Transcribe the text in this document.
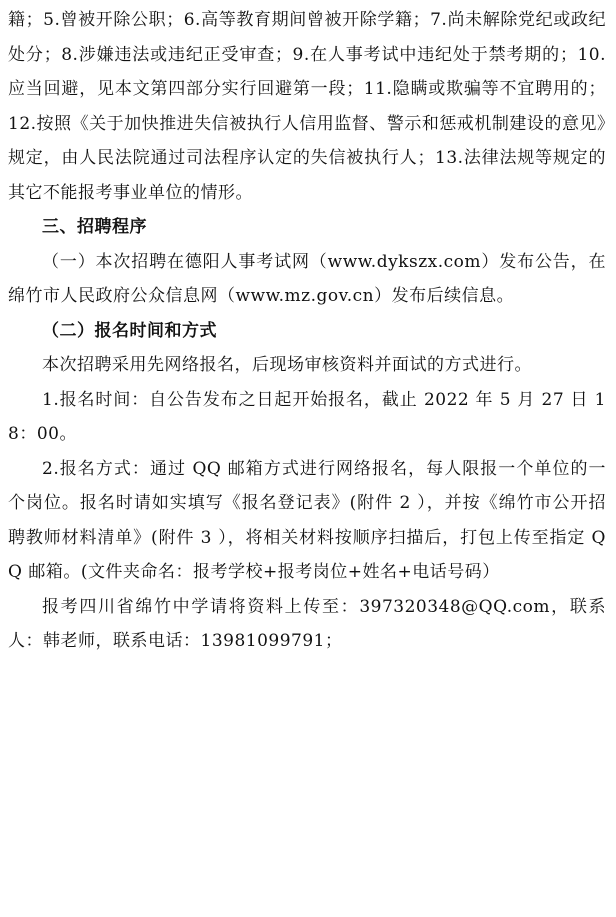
籍；5.曾被开除公职；6.高等教育期间曾被开除学籍；7.尚未解除党纪或政纪处分；8.涉嫌违法或违纪正受审查；9.在人事考试中违纪处于禁考期的；10.应当回避，见本文第四部分实行回避第一段；11.隐瞒或欺骗等不宜聘用的；12.按照《关于加快推进失信被执行人信用监督、警示和惩戒机制建设的意见》规定，由人民法院通过司法程序认定的失信被执行人；13.法律法规等规定的其它不能报考事业单位的情形。

三、招聘程序

（一）本次招聘在德阳人事考试网（www.dykszx.com）发布公告，在绵竹市人民政府公众信息网（www.mz.gov.cn）发布后续信息。

（二）报名时间和方式

本次招聘采用先网络报名，后现场审核资料并面试的方式进行。

1.报名时间：自公告发布之日起开始报名，截止 2022 年 5 月 27 日 18：00。

2.报名方式：通过 QQ 邮箱方式进行网络报名，每人限报一个单位的一个岗位。报名时请如实填写《报名登记表》(附件 2 ），并按《绵竹市公开招聘教师材料清单》(附件 3 ），将相关材料按顺序扫描后，打包上传至指定 QQ 邮箱。(文件夹命名：报考学校+报考岗位+姓名+电话号码）

报考四川省绵竹中学请将资料上传至：397320348@QQ.com，联系人：韩老师，联系电话：13981099791；
